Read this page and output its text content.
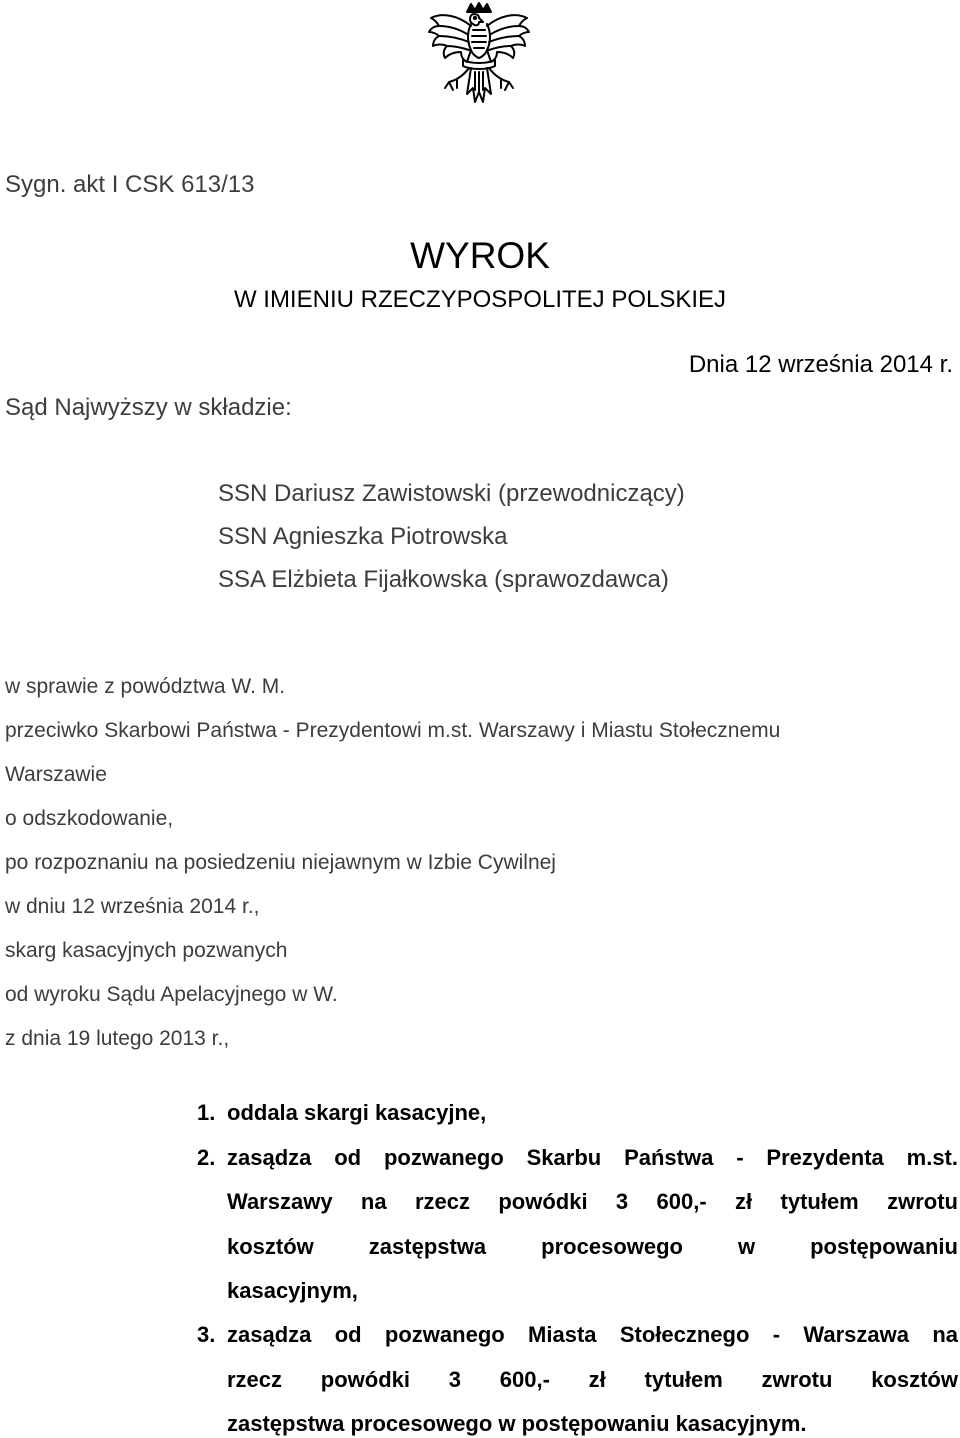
Sygn. akt I CSK 613/13
WYROK
W IMIENIU RZECZYPOSPOLITEJ POLSKIEJ
Dnia 12 września 2014 r.
Sąd Najwyższy w składzie:
SSN Dariusz Zawistowski (przewodniczący)
SSN Agnieszka Piotrowska
SSA Elżbieta Fijałkowska (sprawozdawca)
w sprawie z powództwa W. M.
przeciwko Skarbowi Państwa - Prezydentowi m.st. Warszawy i Miastu Stołecznemu
Warszawie
o odszkodowanie,
po rozpoznaniu na posiedzeniu niejawnym w Izbie Cywilnej
w dniu 12 września 2014 r.,
skarg kasacyjnych pozwanych
od wyroku Sądu Apelacyjnego w W.
z dnia 19 lutego 2013 r.,
1. oddala skargi kasacyjne,
2. zasądza od pozwanego Skarbu Państwa - Prezydenta m.st.
Warszawy na rzecz powódki 3 600,- zł tytułem zwrotu
kosztów zastępstwa procesowego w postępowaniu
kasacyjnym,
3. zasądza od pozwanego Miasta Stołecznego - Warszawa na
rzecz powódki 3 600,- zł tytułem zwrotu kosztów
zastępstwa procesowego w postępowaniu kasacyjnym.
